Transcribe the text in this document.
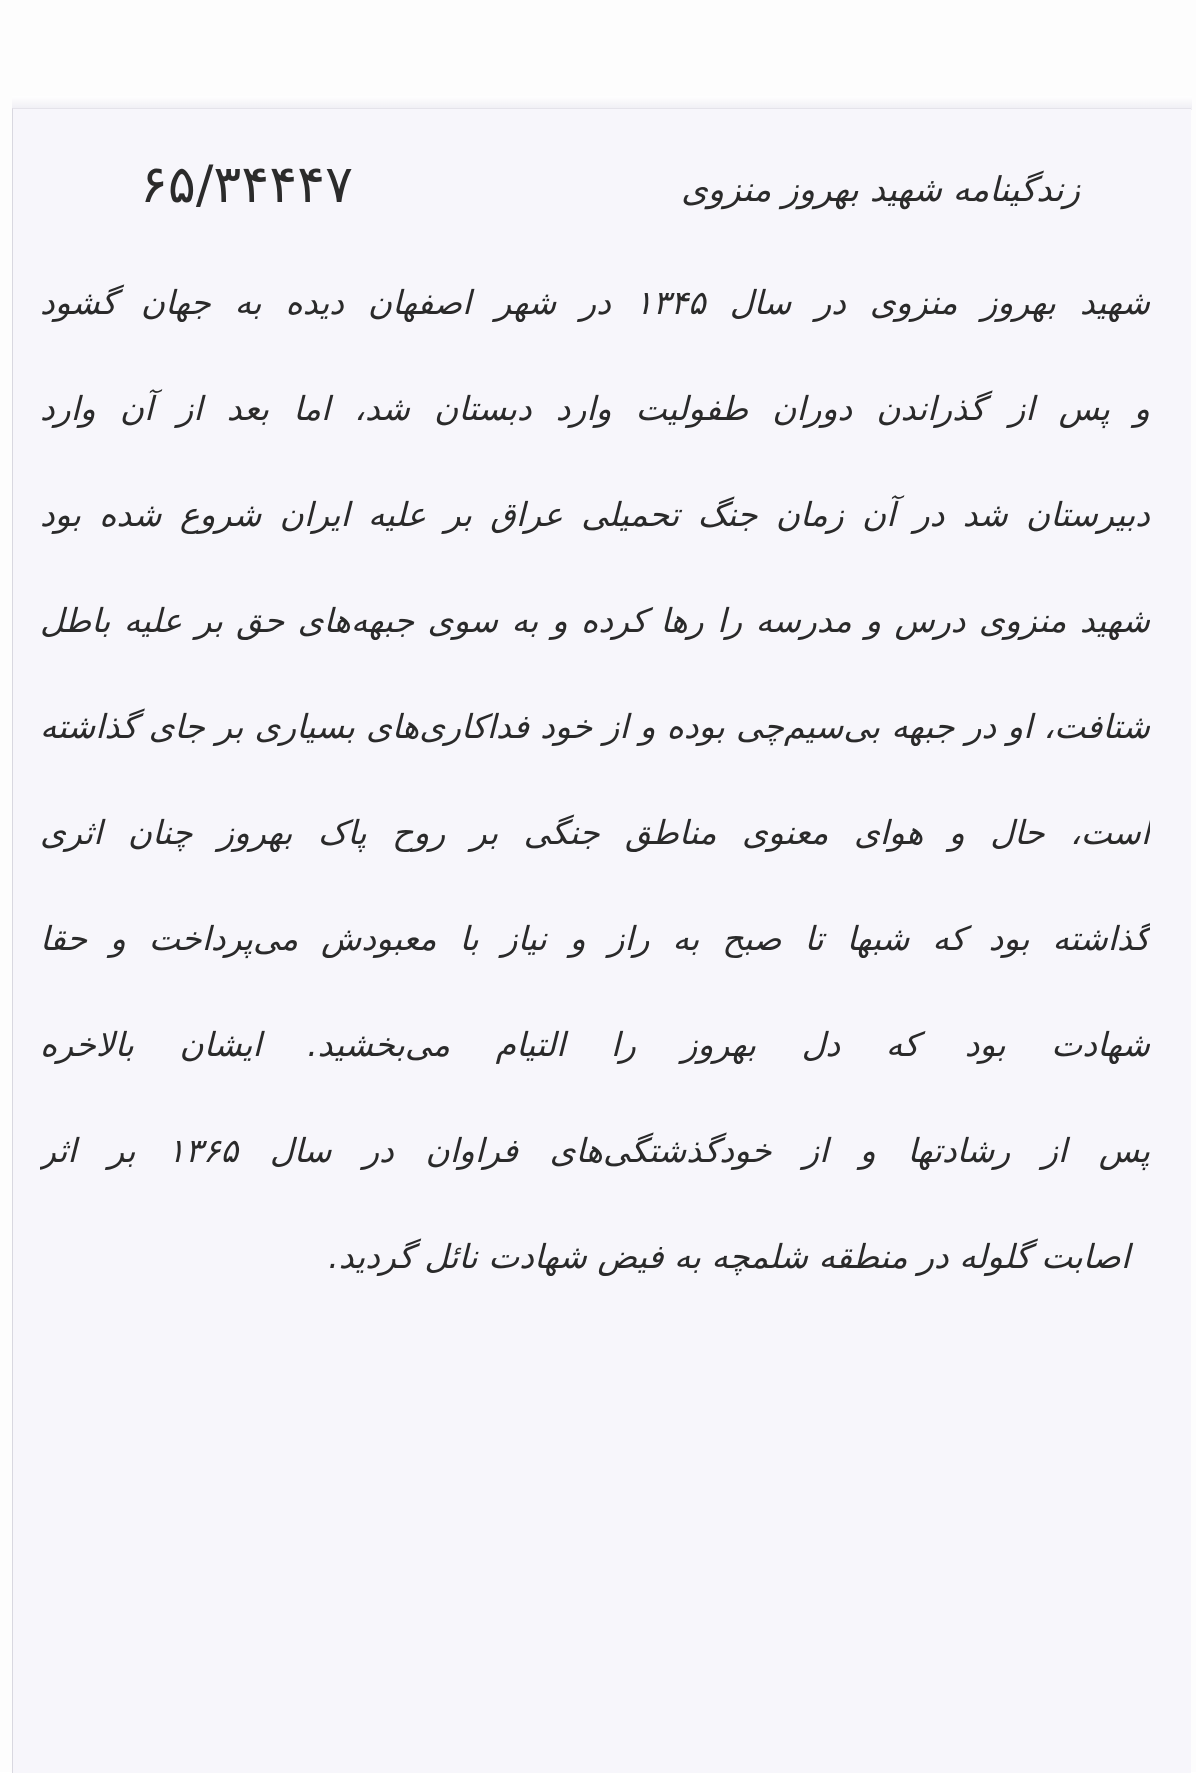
۶۵/۳۴۴۴۷	زندگینامه شهید بهروز منزوی
شهید بهروز منزوی در سال ۱۳۴۵ در شهر اصفهان دیده به جهان گشود
و پس از گذراندن دوران طفولیت وارد دبستان شد، اما بعد از آن وارد
دبیرستان شد در آن زمان جنگ تحمیلی عراق بر علیه ایران شروع شده بود
شهید منزوی درس و مدرسه را رها کرده و به سوی جبهه‌های حق بر علیه باطل
شتافت، او در جبهه بی‌سیم‌چی بوده و از خود فداکاری‌های بسیاری بر جای گذاشته
است، حال و هوای معنوی مناطق جنگی بر روح پاک بهروز چنان اثری
گذاشته بود که شبها تا صبح به راز و نیاز با معبودش می‌پرداخت و حقا
شهادت بود که دل بهروز را التیام می‌بخشید. ایشان بالاخره
پس از رشادتها و از خودگذشتگی‌های فراوان در سال ۱۳۶۵ بر اثر
اصابت گلوله در منطقه شلمچه به فیض شهادت نائل گردید.
